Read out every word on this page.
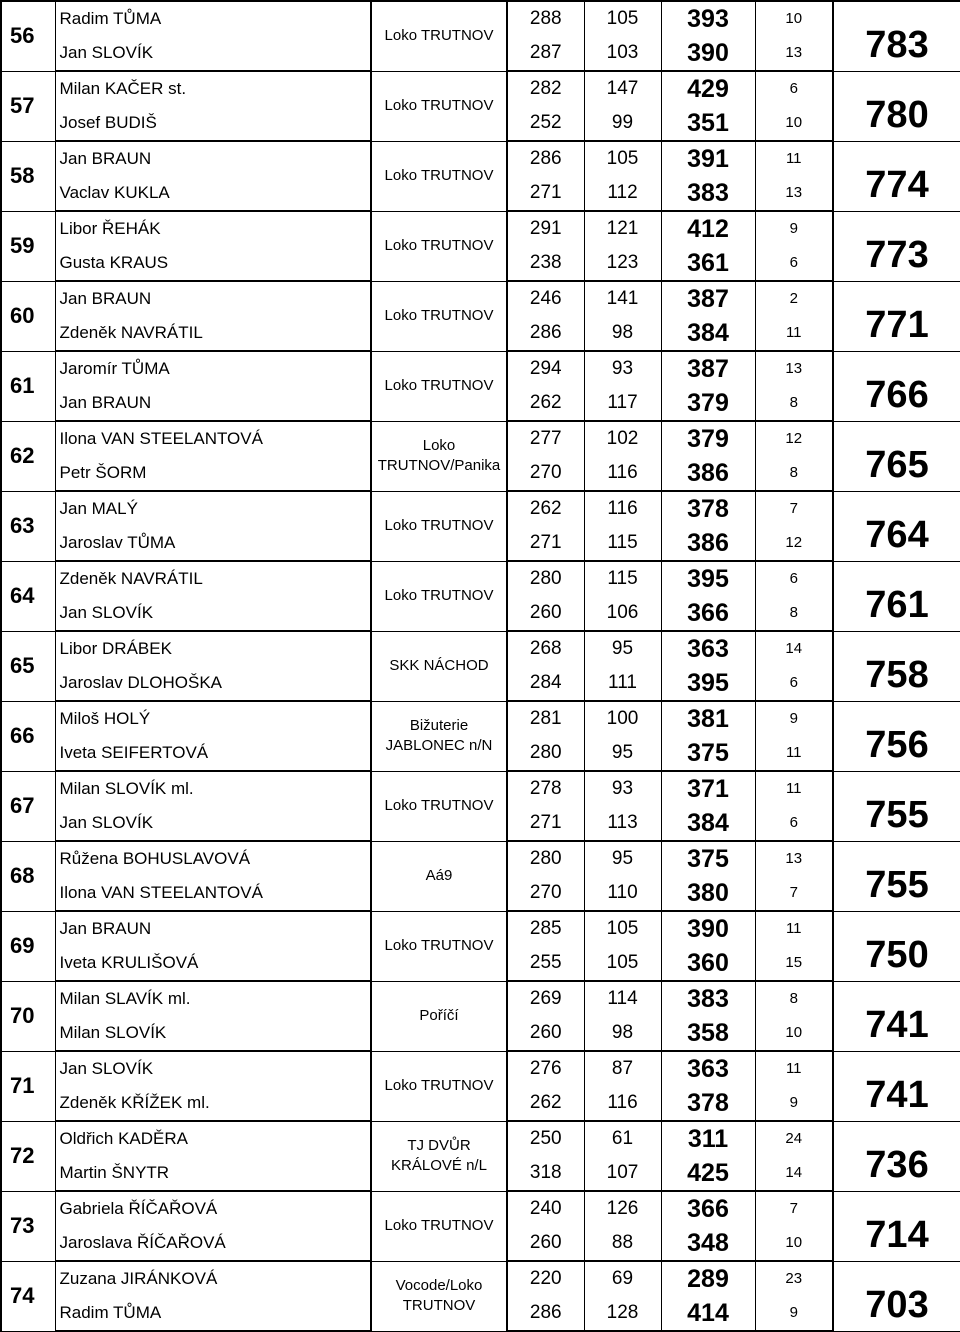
56	Radim TŮMA	Loko TRUTNOV	288	105	393	10	783
	Jan SLOVÍK		287	103	390	13	
57	Milan KAČER st.	Loko TRUTNOV	282	147	429	6	780
	Josef BUDIŠ		252	99	351	10	
58	Jan BRAUN	Loko TRUTNOV	286	105	391	11	774
	Vaclav KUKLA		271	112	383	13	
59	Libor ŘEHÁK	Loko TRUTNOV	291	121	412	9	773
	Gusta KRAUS		238	123	361	6	
60	Jan BRAUN	Loko TRUTNOV	246	141	387	2	771
	Zdeněk NAVRÁTIL		286	98	384	11	
61	Jaromír TŮMA	Loko TRUTNOV	294	93	387	13	766
	Jan BRAUN		262	117	379	8	
62	Ilona VAN STEELANTOVÁ	Loko TRUTNOV/Panika	277	102	379	12	765
	Petr ŠORM		270	116	386	8	
63	Jan MALÝ	Loko TRUTNOV	262	116	378	7	764
	Jaroslav TŮMA		271	115	386	12	
64	Zdeněk NAVRÁTIL	Loko TRUTNOV	280	115	395	6	761
	Jan SLOVÍK		260	106	366	8	
65	Libor DRÁBEK	SKK NÁCHOD	268	95	363	14	758
	Jaroslav DLOHOŠKA		284	111	395	6	
66	Miloš HOLÝ	Bižuterie JABLONEC n/N	281	100	381	9	756
	Iveta SEIFERTOVÁ		280	95	375	11	
67	Milan SLOVÍK ml.	Loko TRUTNOV	278	93	371	11	755
	Jan SLOVÍK		271	113	384	6	
68	Růžena BOHUSLAVOVÁ	Aá9	280	95	375	13	755
	Ilona VAN STEELANTOVÁ		270	110	380	7	
69	Jan BRAUN	Loko TRUTNOV	285	105	390	11	750
	Iveta KRULIŠOVÁ		255	105	360	15	
70	Milan SLAVÍK ml.	Poříčí	269	114	383	8	741
	Milan SLOVÍK		260	98	358	10	
71	Jan SLOVÍK	Loko TRUTNOV	276	87	363	11	741
	Zdeněk KŘÍŽEK ml.		262	116	378	9	
72	Oldřich KADĚRA	TJ DVŮR KRÁLOVÉ n/L	250	61	311	24	736
	Martin ŠNYTR		318	107	425	14	
73	Gabriela ŘÍČAŘOVÁ	Loko TRUTNOV	240	126	366	7	714
	Jaroslava ŘÍČAŘOVÁ		260	88	348	10	
74	Zuzana JIRÁNKOVÁ	Vocode/Loko TRUTNOV	220	69	289	23	703
	Radim TŮMA		286	128	414	9	
